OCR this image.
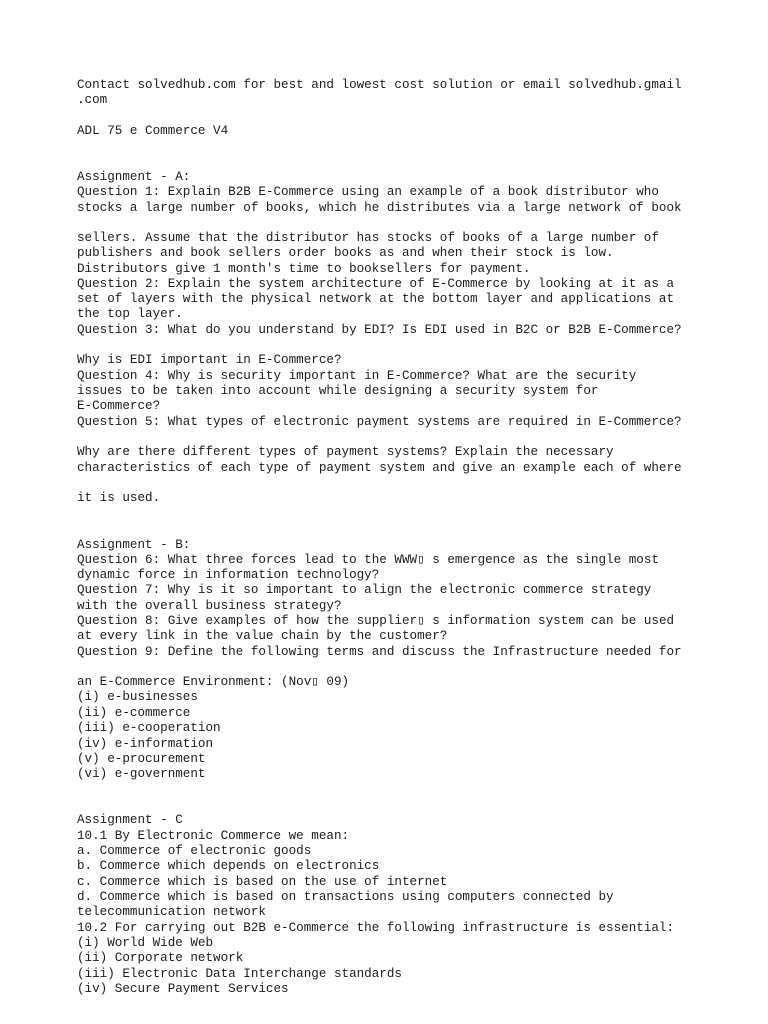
Contact solvedhub.com for best and lowest cost solution or email solvedhub.gmail

.com

ADL 75 e Commerce V4

Assignment - A:

Question 1: Explain B2B E-Commerce using an example of a book distributor who

stocks a large number of books, which he distributes via a large network of book

sellers. Assume that the distributor has stocks of books of a large number of

publishers and book sellers order books as and when their stock is low.

Distributors give 1 month's time to booksellers for payment.

Question 2: Explain the system architecture of E-Commerce by looking at it as a

set of layers with the physical network at the bottom layer and applications at

the top layer.

Question 3: What do you understand by EDI? Is EDI used in B2C or B2B E-Commerce?

Why is EDI important in E-Commerce?

Question 4: Why is security important in E-Commerce? What are the security

issues to be taken into account while designing a security system for

E-Commerce?

Question 5: What types of electronic payment systems are required in E-Commerce?

Why are there different types of payment systems? Explain the necessary

characteristics of each type of payment system and give an example each of where

it is used.

Assignment - B:

Question 6: What three forces lead to the WWW▯ s emergence as the single most

dynamic force in information technology?

Question 7: Why is it so important to align the electronic commerce strategy

with the overall business strategy?

Question 8: Give examples of how the supplier▯ s information system can be used

at every link in the value chain by the customer?

Question 9: Define the following terms and discuss the Infrastructure needed for

an E-Commerce Environment: (Nov▯ 09)

(i) e-businesses

(ii) e-commerce

(iii) e-cooperation

(iv) e-information

(v) e-procurement

(vi) e-government

Assignment - C

10.1 By Electronic Commerce we mean:

a. Commerce of electronic goods

b. Commerce which depends on electronics

c. Commerce which is based on the use of internet

d. Commerce which is based on transactions using computers connected by

telecommunication network

10.2 For carrying out B2B e-Commerce the following infrastructure is essential:

(i) World Wide Web

(ii) Corporate network

(iii) Electronic Data Interchange standards

(iv) Secure Payment Services
